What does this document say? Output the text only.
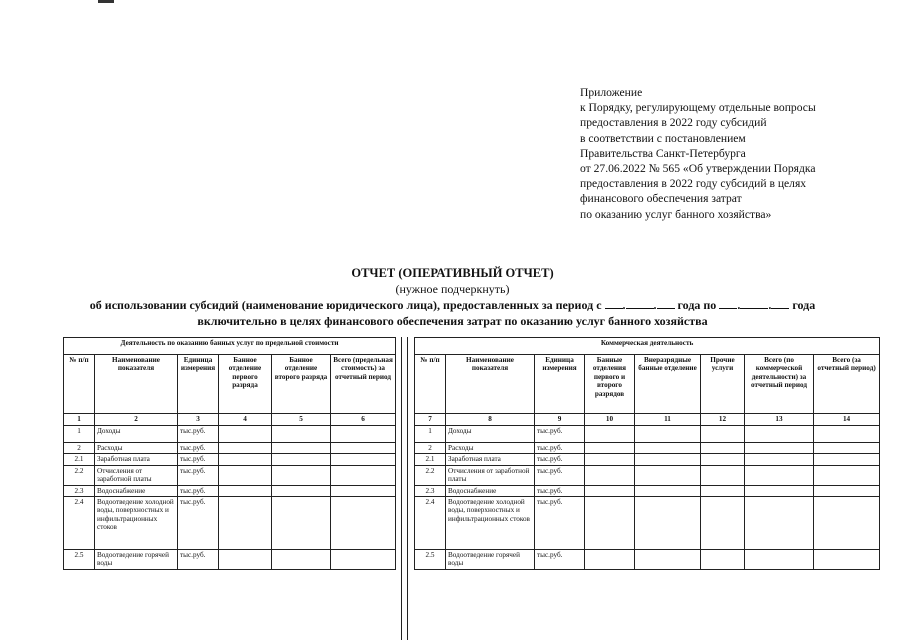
Приложение
к Порядку, регулирующему отдельные вопросы
предоставления в 2022 году субсидий
в соответствии с постановлением
Правительства Санкт-Петербурга
от 27.06.2022 № 565 «Об утверждении Порядка
предоставления в 2022 году субсидий в целях
финансового обеспечения затрат
по оказанию услуг банного хозяйства»
ОТЧЕТ (ОПЕРАТИВНЫЙ ОТЧЕТ)
(нужное подчеркнуть)
об использовании субсидий (наименование юридического лица), предоставленных за период с . . года по . . года
включительно в целях финансового обеспечения затрат по оказанию услуг банного хозяйства
Деятельность по оказанию банных услуг по предельной стоимости					
№ п/п	Наименование показателя	Единица измерения	Банное отделение первого разряда	Банное отделение второго разряда	Всего (предельная стоимость) за отчетный период
1	2	3	4	5	6
1	Доходы	тыс.руб.			
2	Расходы	тыс.руб.			
2.1	Заработная плата	тыс.руб.			
2.2	Отчисления от заработной платы	тыс.руб.			
2.3	Водоснабжение	тыс.руб.			
2.4	Водоотведение холодной воды, поверхностных и инфильтрационных стоков	тыс.руб.			
2.5	Водоотведение горячей воды	тыс.руб.			
Коммерческая деятельность							
№ п/п	Наименование показателя	Единица измерения	Банные отделения первого и второго разрядов	Внеразрядные банные отделение	Прочие услуги	Всего (по коммерческой деятельности) за отчетный период	Всего (за отчетный период)
7	8	9	10	11	12	13	14
1	Доходы	тыс.руб.					
2	Расходы	тыс.руб.					
2.1	Заработная плата	тыс.руб.					
2.2	Отчисления от заработной платы	тыс.руб.					
2.3	Водоснабжение	тыс.руб.					
2.4	Водоотведение холодной воды, поверхностных и инфильтрационных стоков	тыс.руб.					
2.5	Водоотведение горячей воды	тыс.руб.					
